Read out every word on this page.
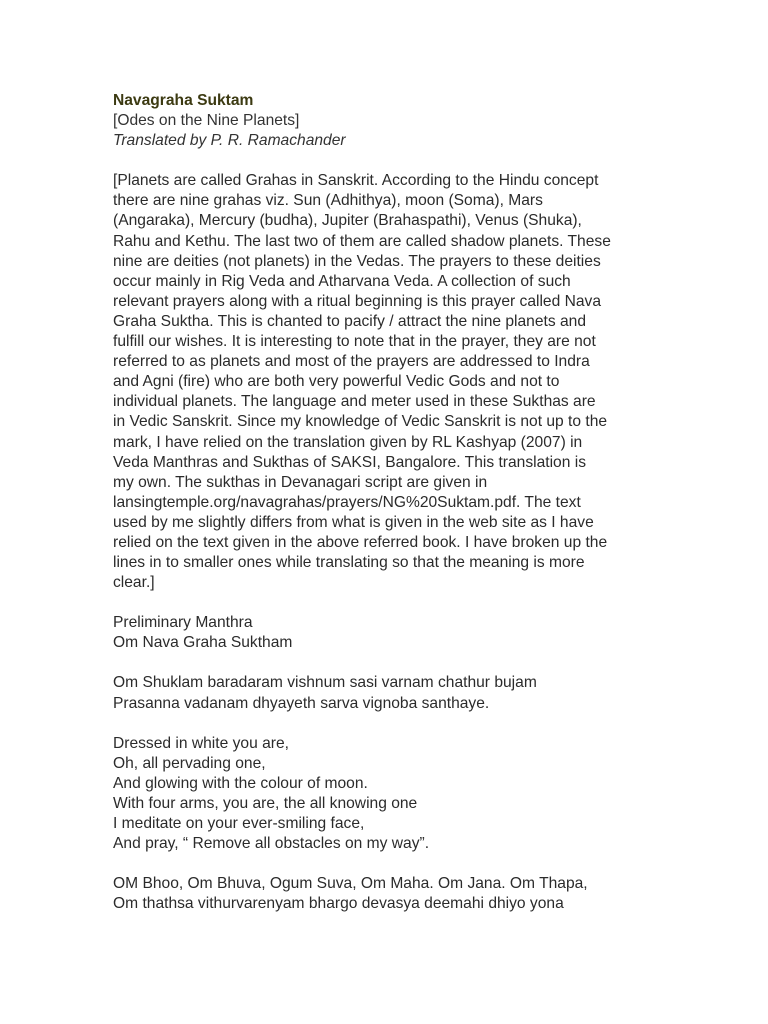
Navagraha Suktam
[Odes on the Nine Planets]
Translated by P. R. Ramachander
[Planets are called Grahas in Sanskrit. According to the Hindu concept
there are nine grahas viz. Sun (Adhithya), moon (Soma), Mars
(Angaraka), Mercury (budha), Jupiter (Brahaspathi), Venus (Shuka),
Rahu and Kethu. The last two of them are called shadow planets. These
nine are deities (not planets) in the Vedas. The prayers to these deities
occur mainly in Rig Veda and Atharvana Veda. A collection of such
relevant prayers along with a ritual beginning is this prayer called Nava
Graha Suktha. This is chanted to pacify / attract the nine planets and
fulfill our wishes. It is interesting to note that in the prayer, they are not
referred to as planets and most of the prayers are addressed to Indra
and Agni (fire) who are both very powerful Vedic Gods and not to
individual planets. The language and meter used in these Sukthas are
in Vedic Sanskrit. Since my knowledge of Vedic Sanskrit is not up to the
mark, I have relied on the translation given by RL Kashyap (2007) in
Veda Manthras and Sukthas of SAKSI, Bangalore. This translation is
my own. The sukthas in Devanagari script are given in
lansingtemple.org/navagrahas/prayers/NG%20Suktam.pdf. The text
used by me slightly differs from what is given in the web site as I have
relied on the text given in the above referred book. I have broken up the
lines in to smaller ones while translating so that the meaning is more
clear.]
Preliminary Manthra
Om Nava Graha Suktham
Om Shuklam baradaram vishnum sasi varnam chathur bujam
Prasanna vadanam dhyayeth sarva vignoba santhaye.
Dressed in white you are,
Oh, all pervading one,
And glowing with the colour of moon.
With four arms, you are, the all knowing one
I meditate on your ever-smiling face,
And pray, “ Remove all obstacles on my way”.
OM Bhoo, Om Bhuva, Ogum Suva, Om Maha. Om Jana. Om Thapa,
Om thathsa vithurvarenyam bhargo devasya deemahi dhiyo yona
